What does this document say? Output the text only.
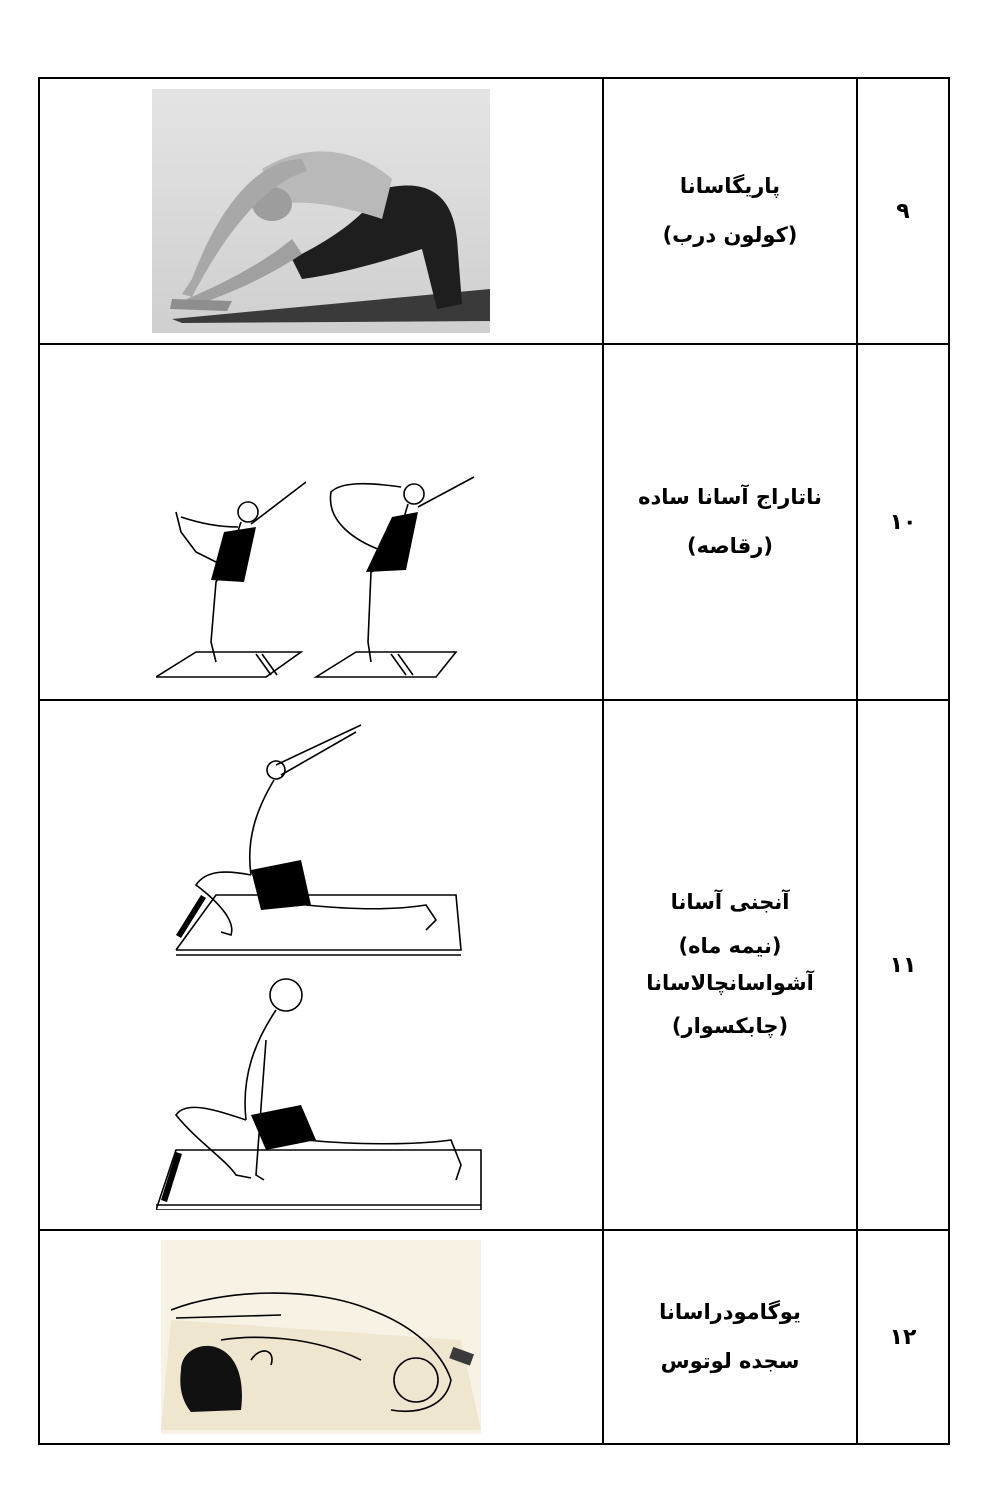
پاریگاسانا

(کولون درب)	۹

ناتاراج آسانا ساده

(رقاصه)	۱۰

آنجنی آسانا

(نیمه ماه)

آشواسانچالاسانا

(چابکسوار)	۱۱

یوگامودراسانا

سجده لوتوس	۱۲
